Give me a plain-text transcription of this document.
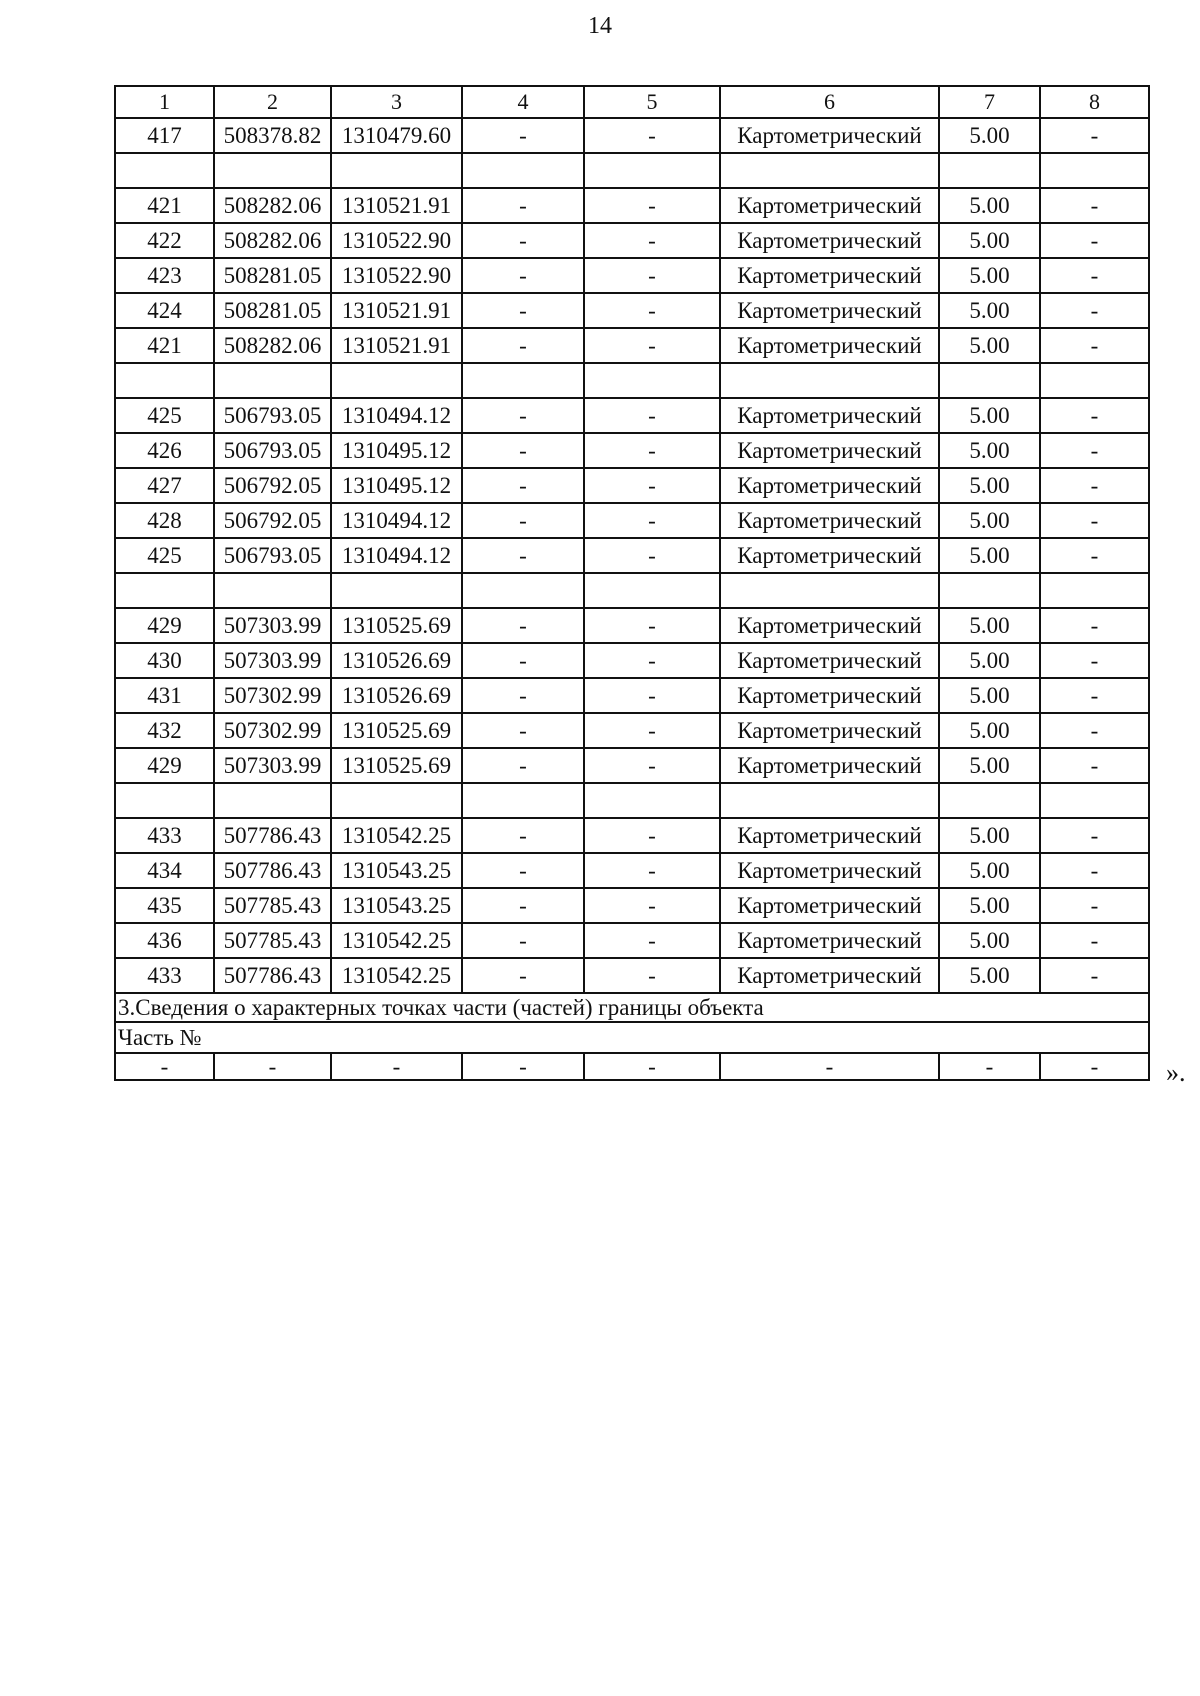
14
1	2	3	4	5	6	7	8
417	508378.82	1310479.60	-	-	Картометрический	5.00	-

421	508282.06	1310521.91	-	-	Картометрический	5.00	-
422	508282.06	1310522.90	-	-	Картометрический	5.00	-
423	508281.05	1310522.90	-	-	Картометрический	5.00	-
424	508281.05	1310521.91	-	-	Картометрический	5.00	-
421	508282.06	1310521.91	-	-	Картометрический	5.00	-

425	506793.05	1310494.12	-	-	Картометрический	5.00	-
426	506793.05	1310495.12	-	-	Картометрический	5.00	-
427	506792.05	1310495.12	-	-	Картометрический	5.00	-
428	506792.05	1310494.12	-	-	Картометрический	5.00	-
425	506793.05	1310494.12	-	-	Картометрический	5.00	-

429	507303.99	1310525.69	-	-	Картометрический	5.00	-
430	507303.99	1310526.69	-	-	Картометрический	5.00	-
431	507302.99	1310526.69	-	-	Картометрический	5.00	-
432	507302.99	1310525.69	-	-	Картометрический	5.00	-
429	507303.99	1310525.69	-	-	Картометрический	5.00	-

433	507786.43	1310542.25	-	-	Картометрический	5.00	-
434	507786.43	1310543.25	-	-	Картометрический	5.00	-
435	507785.43	1310543.25	-	-	Картометрический	5.00	-
436	507785.43	1310542.25	-	-	Картометрический	5.00	-
433	507786.43	1310542.25	-	-	Картометрический	5.00	-
3.Сведения о характерных точках части (частей) границы объекта							
Часть №							
-	-	-	-	-	-	-	-	».
